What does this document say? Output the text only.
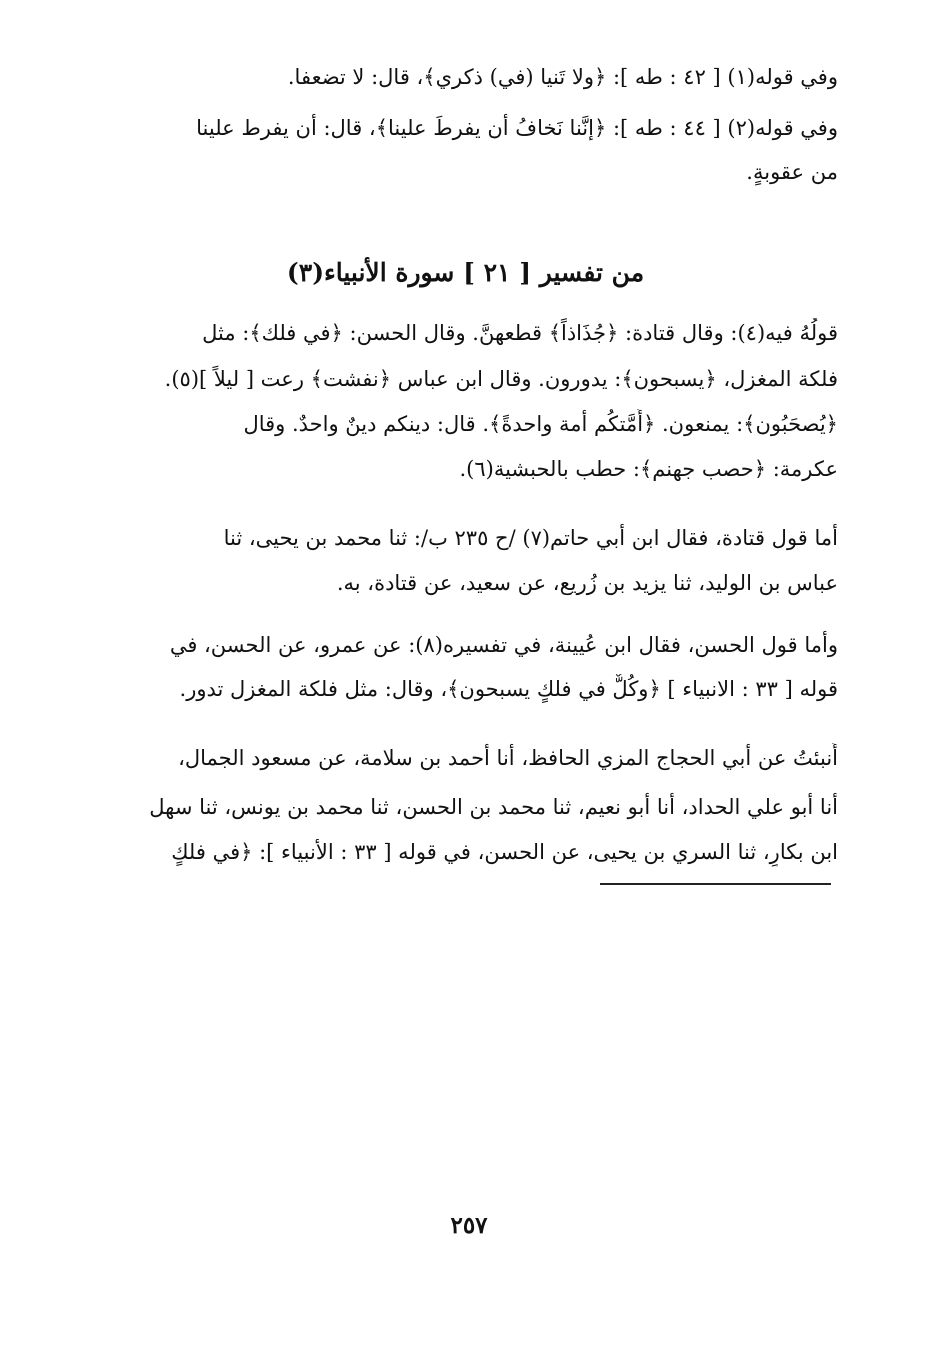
وفي قوله(١) [ ٤٢ : طه ]: ﴿ولا تَنيا (في) ذكري﴾، قال: لا تضعفا.
وفي قوله(٢) [ ٤٤ : طه ]: ﴿إنَّنا نَخافُ أن يفرطَ علينا﴾، قال: أن يفرط علينا
من عقوبةٍ.
من تفسير [ ٢١ ] سورة الأنبياء(٣)
قولُهُ فيه(٤): وقال قتادة: ﴿جُذَاذاً﴾ قطعهنَّ. وقال الحسن: ﴿في فلك﴾: مثل
فلكة المغزل، ﴿يسبحون﴾: يدورون. وقال ابن عباس ﴿نفشت﴾ رعت [ ليلاً ](٥).
﴿يُصحَبُون﴾: يمنعون. ﴿أُمَّتكُم أمة واحدةً﴾. قال: دينكم دينٌ واحدٌ. وقال
عكرمة: ﴿حصب جهنم﴾: حطب بالحبشية(٦).
أما قول قتادة، فقال ابن أبي حاتم(٧) /ح ٢٣٥ ب/: ثنا محمد بن يحيى، ثنا
عباس بن الوليد، ثنا يزيد بن زُريع، عن سعيد، عن قتادة، به.
وأما قول الحسن، فقال ابن عُيينة، في تفسيره(٨): عن عمرو، عن الحسن، في
قوله [ ٣٣ : الانبياء ] ﴿وكُلٌّ في فلكٍ يسبحون﴾، وقال: مثل فلكة المغزل تدور.
أُنبئتُ عن أبي الحجاج المزي الحافظ، أنا أحمد بن سلامة، عن مسعود الجمال،
أنا أبو علي الحداد، أنا أبو نعيم، ثنا محمد بن الحسن، ثنا محمد بن يونس، ثنا سهل
ابن بكارٍ، ثنا السري بن يحيى، عن الحسن، في قوله [ ٣٣ : الأنبياء ]: ﴿في فلكٍ
٢٥٧
